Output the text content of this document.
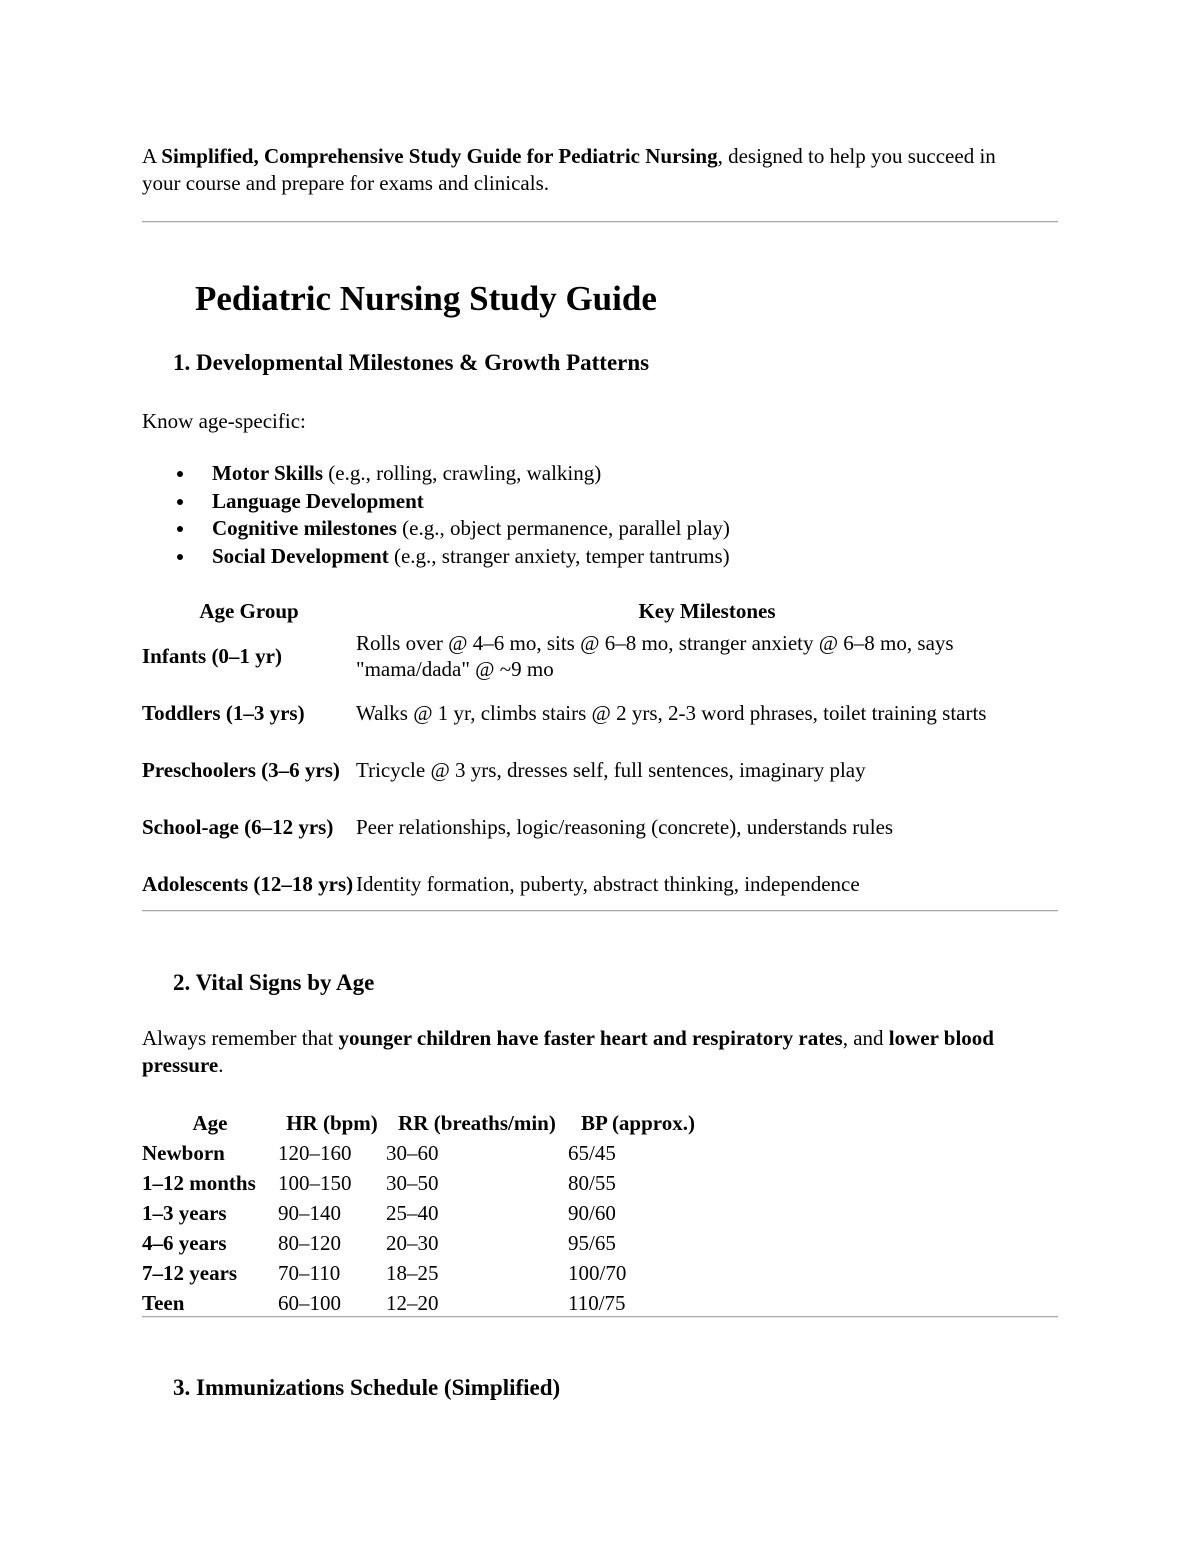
A Simplified, Comprehensive Study Guide for Pediatric Nursing, designed to help you succeed in your course and prepare for exams and clinicals.
Pediatric Nursing Study Guide
1. Developmental Milestones & Growth Patterns
Know age-specific:
Motor Skills (e.g., rolling, crawling, walking)
Language Development
Cognitive milestones (e.g., object permanence, parallel play)
Social Development (e.g., stranger anxiety, temper tantrums)
Age Group	Key Milestones
Infants (0–1 yr)	Rolls over @ 4–6 mo, sits @ 6–8 mo, stranger anxiety @ 6–8 mo, says "mama/dada" @ ~9 mo
Toddlers (1–3 yrs)	Walks @ 1 yr, climbs stairs @ 2 yrs, 2-3 word phrases, toilet training starts
Preschoolers (3–6 yrs)	Tricycle @ 3 yrs, dresses self, full sentences, imaginary play
School-age (6–12 yrs)	Peer relationships, logic/reasoning (concrete), understands rules
Adolescents (12–18 yrs)	Identity formation, puberty, abstract thinking, independence
2. Vital Signs by Age
Always remember that younger children have faster heart and respiratory rates, and lower blood pressure.
Age	HR (bpm)	RR (breaths/min)	BP (approx.)
Newborn	120–160	30–60	65/45
1–12 months	100–150	30–50	80/55
1–3 years	90–140	25–40	90/60
4–6 years	80–120	20–30	95/65
7–12 years	70–110	18–25	100/70
Teen	60–100	12–20	110/75
3. Immunizations Schedule (Simplified)
